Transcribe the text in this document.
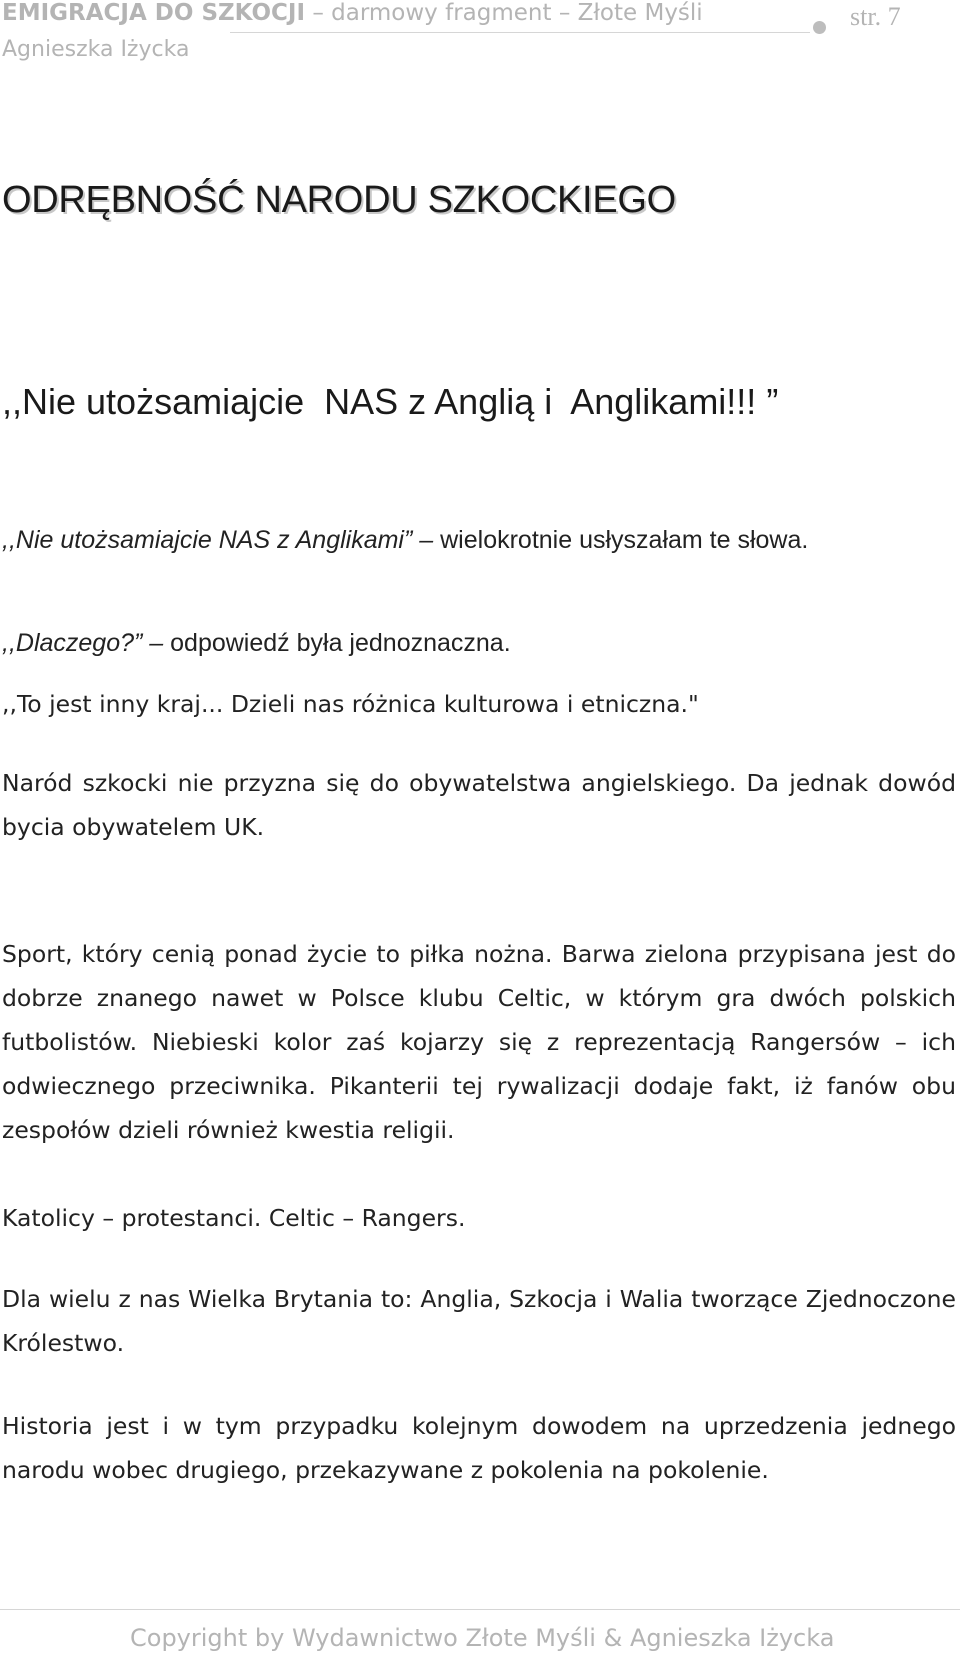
EMIGRACJA DO SZKOCJI – darmowy fragment – Złote Myśli	str. 7
Agnieszka Iżycka
ODRĘBNOŚĆ NARODU SZKOCKIEGO
,,Nie utożsamiajcie  NAS z Anglią i  Anglikami!!! ”

,,Nie utożsamiajcie NAS z Anglikami” – wielokrotnie usłyszałam te słowa.

,,Dlaczego?” – odpowiedź była jednoznaczna.

,,To jest inny kraj... Dzieli nas różnica kulturowa i etniczna."

Naród szkocki nie przyzna się do obywatelstwa angielskiego. Da jednak dowód bycia obywatelem UK.

Sport, który cenią ponad życie to piłka nożna. Barwa zielona przypisana jest do dobrze znanego nawet w Polsce klubu Celtic, w którym gra dwóch polskich futbolistów. Niebieski kolor zaś kojarzy się z reprezentacją Rangersów – ich odwiecznego przeciwnika. Pikanterii tej rywalizacji dodaje fakt, iż fanów obu zespołów dzieli również kwestia religii.

Katolicy – protestanci. Celtic – Rangers.

Dla wielu z nas Wielka Brytania to: Anglia, Szkocja i Walia tworzące Zjednoczone Królestwo.

Historia jest i w tym przypadku kolejnym dowodem na uprzedzenia jednego narodu wobec drugiego, przekazywane z pokolenia na pokolenie.

Copyright by Wydawnictwo Złote Myśli & Agnieszka Iżycka
